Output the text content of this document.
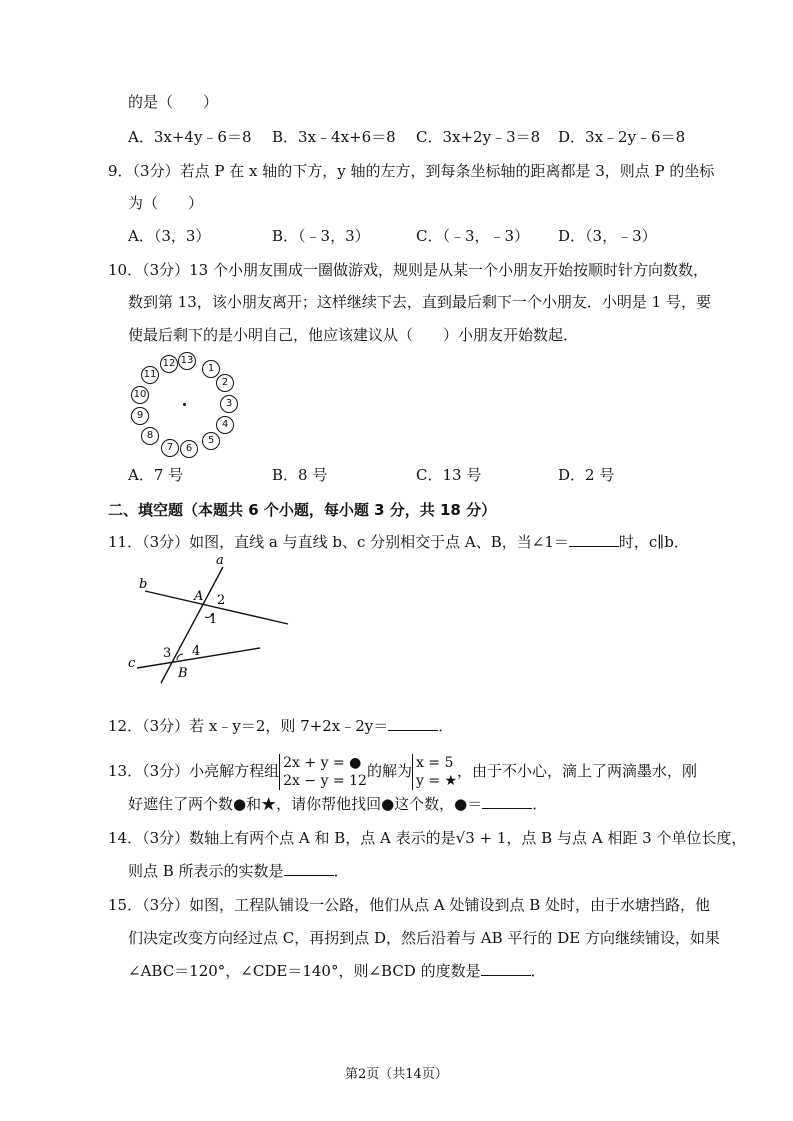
的是（　　）
A．3x+4y﹣6＝8 B．3x﹣4x+6＝8 C．3x+2y﹣3＝8 D．3x﹣2y﹣6＝8
9．（3分）若点 P 在 x 轴的下方，y 轴的左方，到每条坐标轴的距离都是 3，则点 P 的坐标
为（　　）
A．（3，3）	B．（﹣3，3）	C．（﹣3，﹣3） D．（3，﹣3）
10．（3分）13 个小朋友围成一圈做游戏，规则是从某一个小朋友开始按顺时针方向数数，
数到第 13，该小朋友离开；这样继续下去，直到最后剩下一个小朋友．小明是 1 号，要
使最后剩下的是小明自己，他应该建议从（　　）小朋友开始数起．
13
1
2
3
4
5
6
7
8
9
10
11
12
A．7 号	B．8 号	C．13 号	D．2 号
二、填空题（本题共 6 个小题，每小题 3 分，共 18 分）
11．（3分）如图，直线 a 与直线 b、c 分别相交于点 A、B，当∠1＝	时，c∥b．
a
b
c
A
B
2
1
3 4
12．（3分）若 x﹣y＝2，则 7+2x﹣2y＝	．
13．（3分）小亮解方程组 2x + y = ●
2x − y = 12
的解为 x = 5
y = ★
，由于不小心，滴上了两滴墨水，刚
好遮住了两个数●和★，请你帮他找回●这个数，●＝	．
14．（3分）数轴上有两个点 A 和 B，点 A 表示的是√3 + 1，点 B 与点 A 相距 3 个单位长度，
则点 B 所表示的实数是	．
15．（3分）如图，工程队铺设一公路，他们从点 A 处铺设到点 B 处时，由于水塘挡路，他
们决定改变方向经过点 C，再拐到点 D，然后沿着与 AB 平行的 DE 方向继续铺设，如果
∠ABC＝120°，∠CDE＝140°，则∠BCD 的度数是	．
第2页（共14页）
